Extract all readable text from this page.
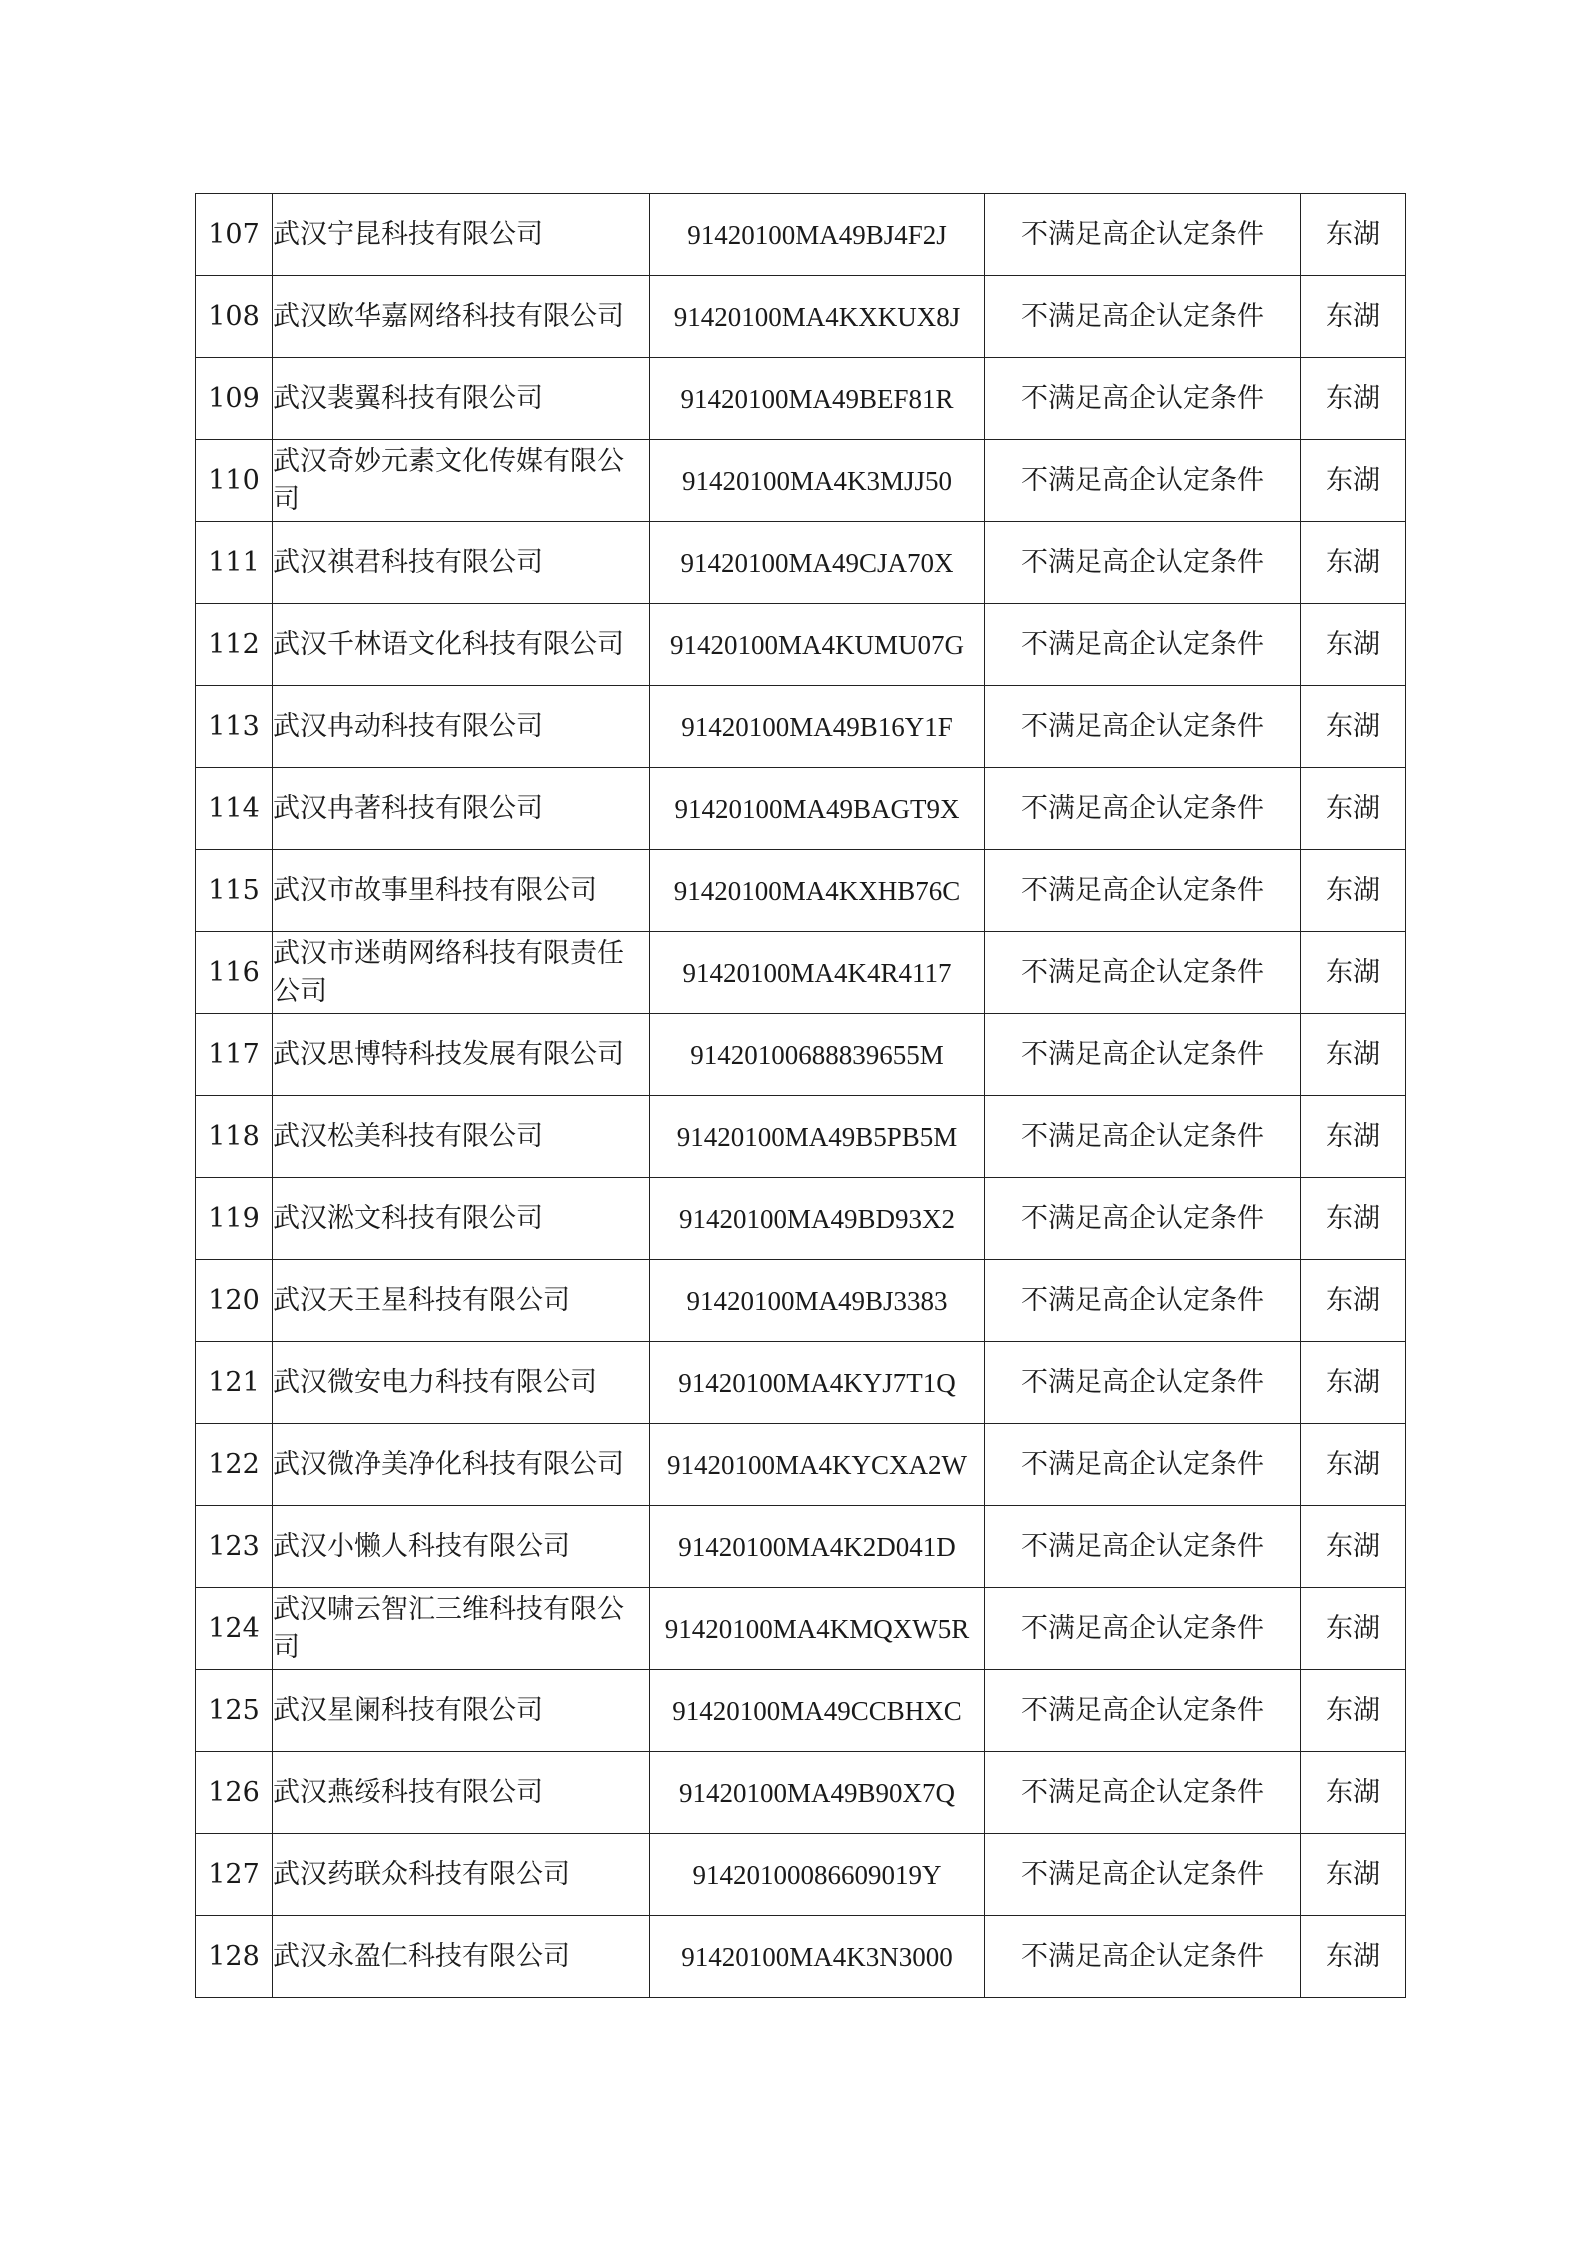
107	武汉宁昆科技有限公司	91420100MA49BJ4F2J	不满足高企认定条件	东湖
108	武汉欧华嘉网络科技有限公司	91420100MA4KXKUX8J	不满足高企认定条件	东湖
109	武汉裴翼科技有限公司	91420100MA49BEF81R	不满足高企认定条件	东湖
110	武汉奇妙元素文化传媒有限公司	91420100MA4K3MJJ50	不满足高企认定条件	东湖
111	武汉祺君科技有限公司	91420100MA49CJA70X	不满足高企认定条件	东湖
112	武汉千林语文化科技有限公司	91420100MA4KUMU07G	不满足高企认定条件	东湖
113	武汉冉动科技有限公司	91420100MA49B16Y1F	不满足高企认定条件	东湖
114	武汉冉著科技有限公司	91420100MA49BAGT9X	不满足高企认定条件	东湖
115	武汉市故事里科技有限公司	91420100MA4KXHB76C	不满足高企认定条件	东湖
116	武汉市迷萌网络科技有限责任公司	91420100MA4K4R4117	不满足高企认定条件	东湖
117	武汉思博特科技发展有限公司	914201006888396​55M	不满足高企认定条件	东湖
118	武汉松美科技有限公司	91420100MA49B5PB5M	不满足高企认定条件	东湖
119	武汉淞文科技有限公司	91420100MA49BD93X2	不满足高企认定条件	东湖
120	武汉天王星科技有限公司	91420100MA49BJ3383	不满足高企认定条件	东湖
121	武汉微安电力科技有限公司	91420100MA4KYJ7T1Q	不满足高企认定条件	东湖
122	武汉微净美净化科技有限公司	91420100MA4KYCXA2W	不满足高企认定条件	东湖
123	武汉小懒人科技有限公司	91420100MA4K2D041D	不满足高企认定条件	东湖
124	武汉啸云智汇三维科技有限公司	91420100MA4KMQXW5R	不满足高企认定条件	东湖
125	武汉星阑科技有限公司	91420100MA49CCBHXC	不满足高企认定条件	东湖
126	武汉燕绥科技有限公司	91420100MA49B90X7Q	不满足高企认定条件	东湖
127	武汉药联众科技有限公司	91420100086609019Y	不满足高企认定条件	东湖
128	武汉永盈仁科技有限公司	91420100MA4K3N3000	不满足高企认定条件	东湖
